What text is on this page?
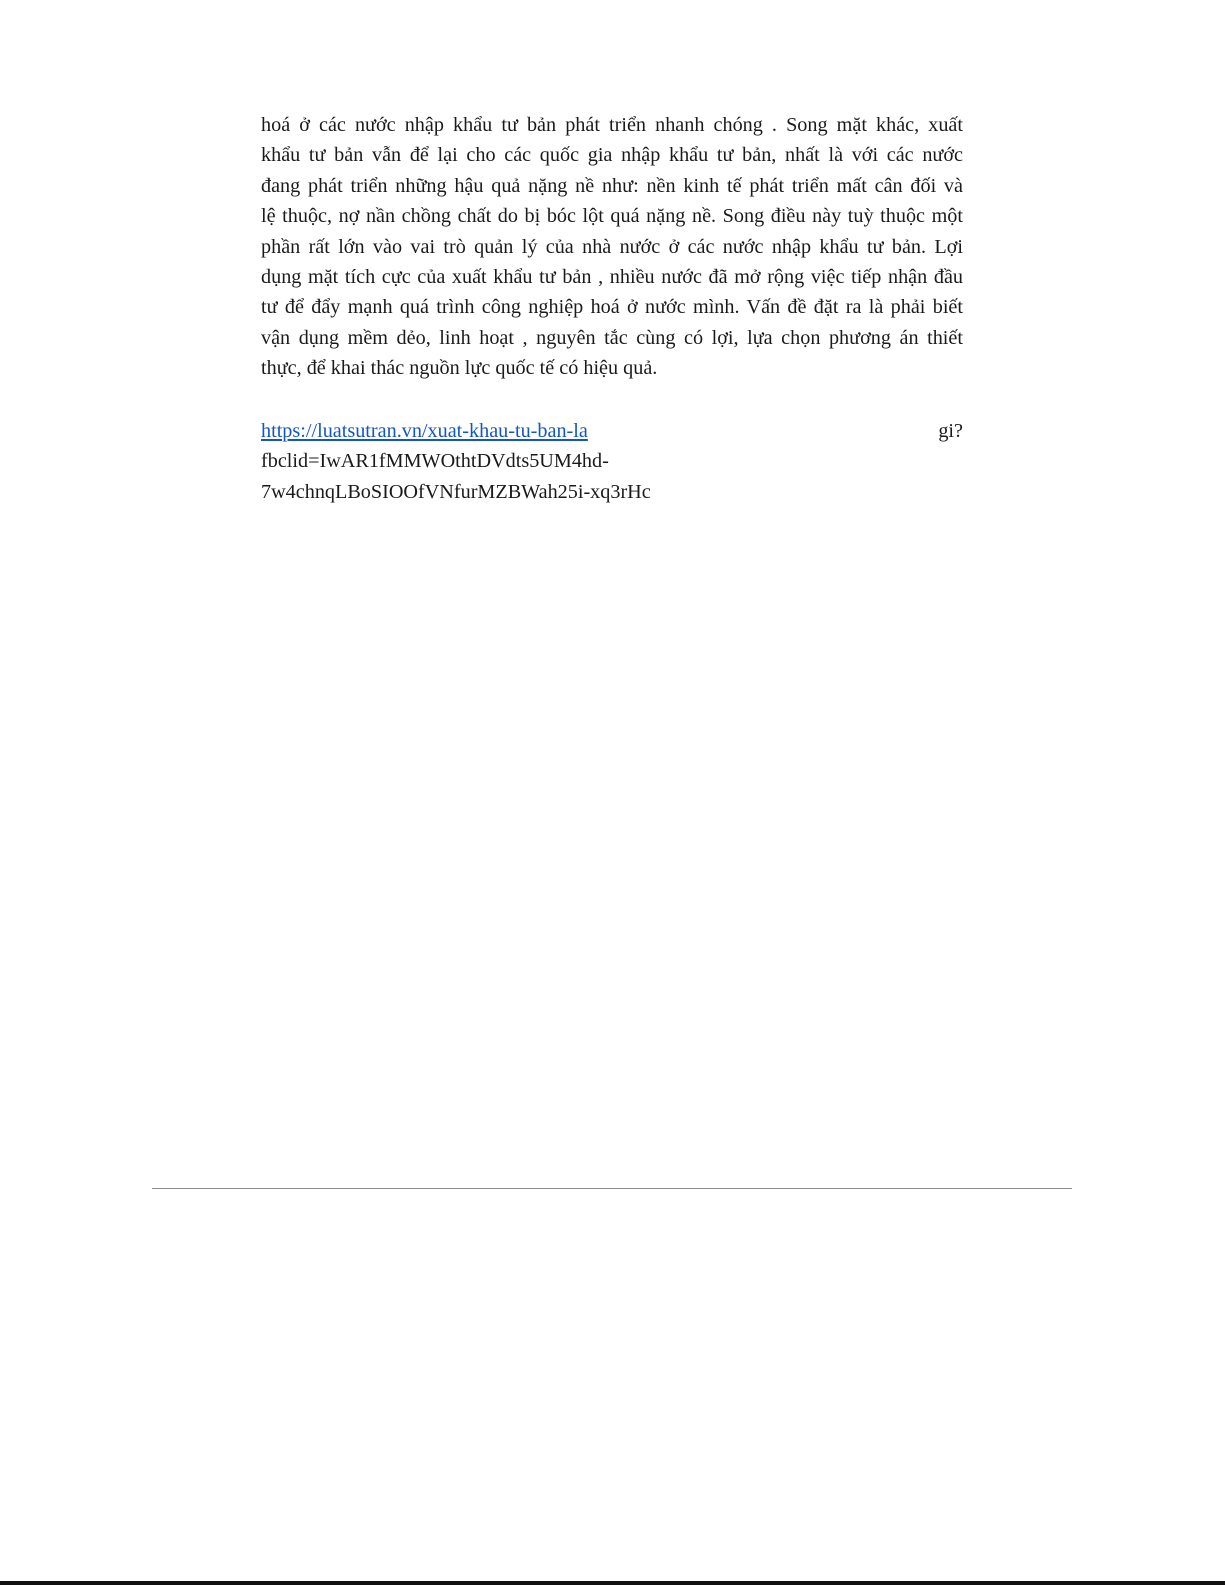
hoá ở các nước nhập khẩu tư bản phát triển nhanh chóng . Song mặt khác, xuất
khẩu tư bản vẫn để lại cho các quốc gia nhập khẩu tư bản, nhất là với các nước
đang phát triển những hậu quả nặng nề như: nền kinh tế phát triển mất cân đối và
lệ thuộc, nợ nần chồng chất do bị bóc lột quá nặng nề. Song điều này tuỳ thuộc một
phần rất lớn vào vai trò quản lý của nhà nước ở các nước nhập khẩu tư bản. Lợi
dụng mặt tích cực của xuất khẩu tư bản , nhiều nước đã mở rộng việc tiếp nhận đầu
tư để đẩy mạnh quá trình công nghiệp hoá ở nước mình. Vấn đề đặt ra là phải biết
vận dụng mềm dẻo, linh hoạt , nguyên tắc cùng có lợi, lựa chọn phương án thiết
thực, để khai thác nguồn lực quốc tế có hiệu quả.
https://luatsutran.vn/xuat-khau-tu-ban-la	gi?
fbclid=IwAR1fMMWOthtDVdts5UM4hd-
7w4chnqLBoSIOOfVNfurMZBWah25i-xq3rHc
